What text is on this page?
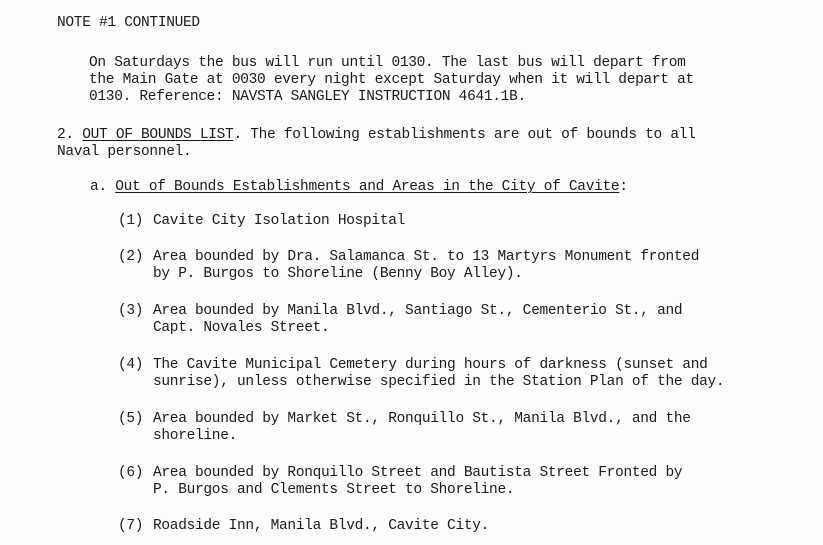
NOTE #1 CONTINUED
On Saturdays the bus will run until 0130. The last bus will depart from
the Main Gate at 0030 every night except Saturday when it will depart at
0130. Reference: NAVSTA SANGLEY INSTRUCTION 4641.1B.
2. OUT OF BOUNDS LIST. The following establishments are out of bounds to all
Naval personnel.
a. Out of Bounds Establishments and Areas in the City of Cavite:
(1) Cavite City Isolation Hospital
(2) Area bounded by Dra. Salamanca St. to 13 Martyrs Monument fronted
by P. Burgos to Shoreline (Benny Boy Alley).
(3) Area bounded by Manila Blvd., Santiago St., Cementerio St., and
Capt. Novales Street.
(4) The Cavite Municipal Cemetery during hours of darkness (sunset and
sunrise), unless otherwise specified in the Station Plan of the day.
(5) Area bounded by Market St., Ronquillo St., Manila Blvd., and the
shoreline.
(6) Area bounded by Ronquillo Street and Bautista Street Fronted by
P. Burgos and Clements Street to Shoreline.
(7) Roadside Inn, Manila Blvd., Cavite City.
